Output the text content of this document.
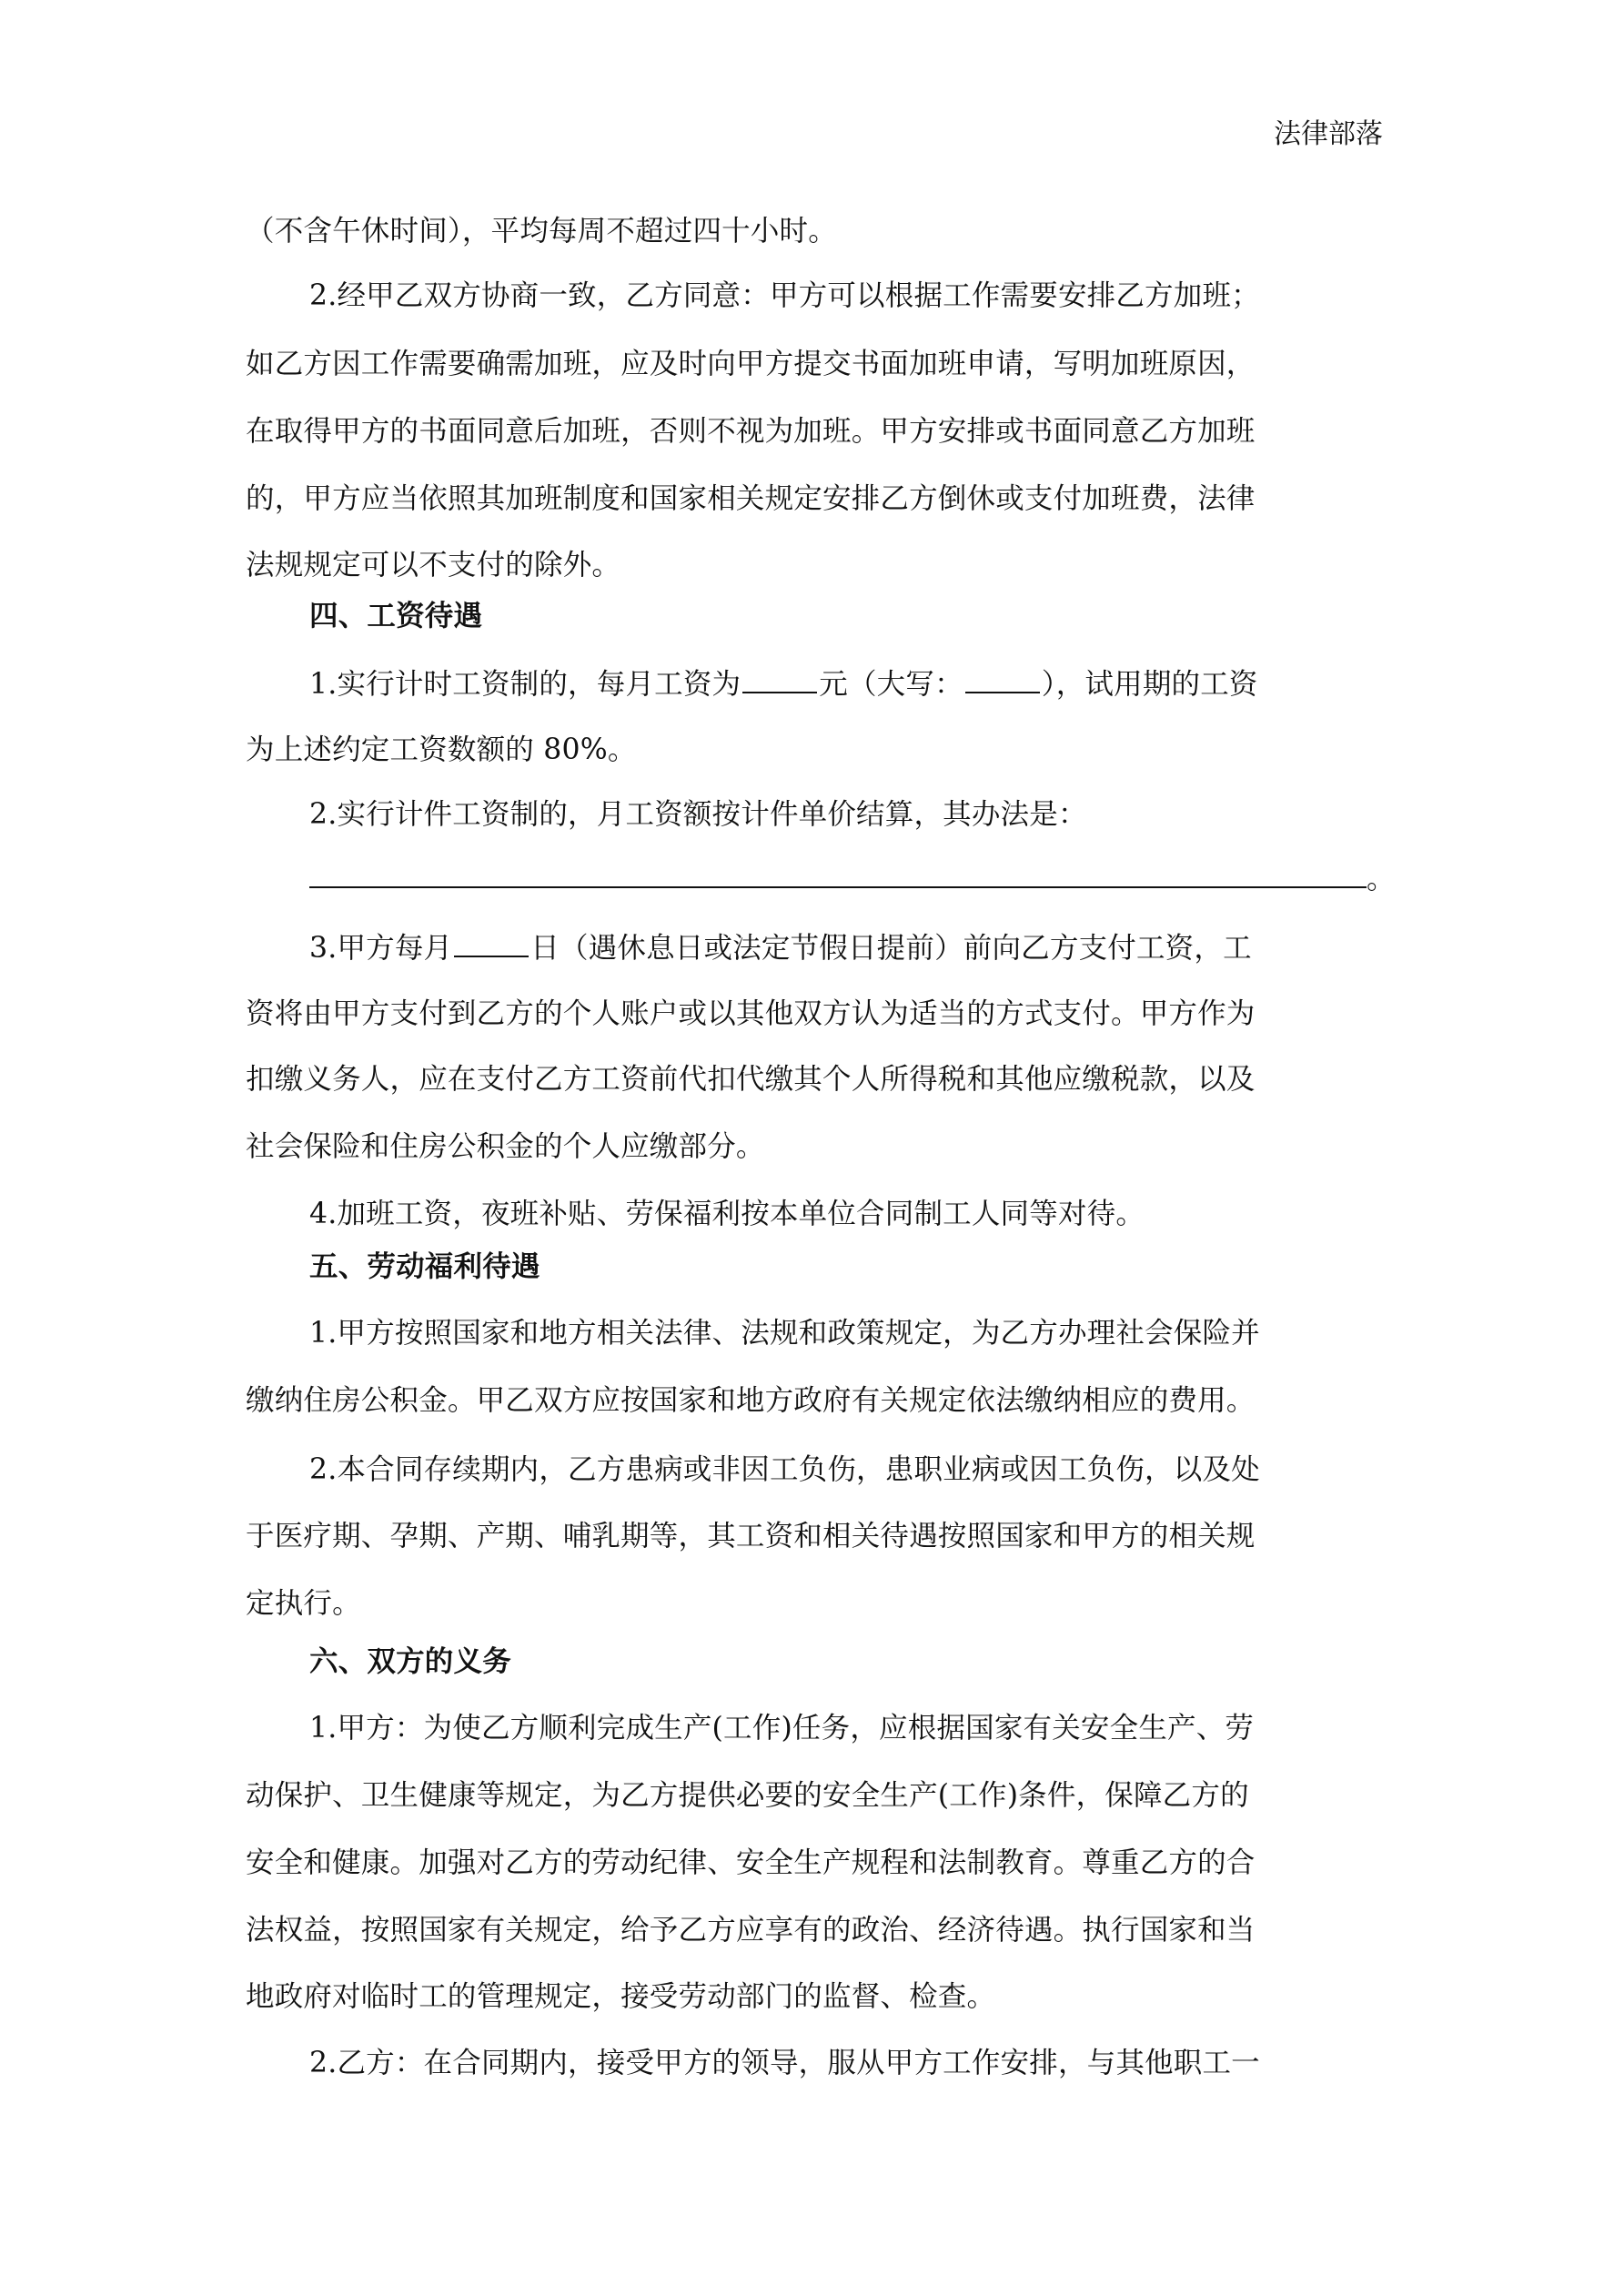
法律部落
（不含午休时间），平均每周不超过四十小时。
2.经甲乙双方协商一致，乙方同意：甲方可以根据工作需要安排乙方加班；
如乙方因工作需要确需加班，应及时向甲方提交书面加班申请，写明加班原因，
在取得甲方的书面同意后加班，否则不视为加班。甲方安排或书面同意乙方加班
的，甲方应当依照其加班制度和国家相关规定安排乙方倒休或支付加班费，法律
法规规定可以不支付的除外。
四、工资待遇
1.实行计时工资制的，每月工资为	元（大写：	），试用期的工资
为上述约定工资数额的 80%。
2.实行计件工资制的，月工资额按计件单价结算，其办法是：
。
3.甲方每月	日（遇休息日或法定节假日提前）前向乙方支付工资，工
资将由甲方支付到乙方的个人账户或以其他双方认为适当的方式支付。甲方作为
扣缴义务人，应在支付乙方工资前代扣代缴其个人所得税和其他应缴税款，以及
社会保险和住房公积金的个人应缴部分。
4.加班工资，夜班补贴、劳保福利按本单位合同制工人同等对待。
五、劳动福利待遇
1.甲方按照国家和地方相关法律、法规和政策规定，为乙方办理社会保险并
缴纳住房公积金。甲乙双方应按国家和地方政府有关规定依法缴纳相应的费用。
2.本合同存续期内，乙方患病或非因工负伤，患职业病或因工负伤，以及处
于医疗期、孕期、产期、哺乳期等，其工资和相关待遇按照国家和甲方的相关规
定执行。
六、双方的义务
1.甲方：为使乙方顺利完成生产(工作)任务，应根据国家有关安全生产、劳
动保护、卫生健康等规定，为乙方提供必要的安全生产(工作)条件，保障乙方的
安全和健康。加强对乙方的劳动纪律、安全生产规程和法制教育。尊重乙方的合
法权益，按照国家有关规定，给予乙方应享有的政治、经济待遇。执行国家和当
地政府对临时工的管理规定，接受劳动部门的监督、检查。
2.乙方：在合同期内，接受甲方的领导，服从甲方工作安排，与其他职工一
